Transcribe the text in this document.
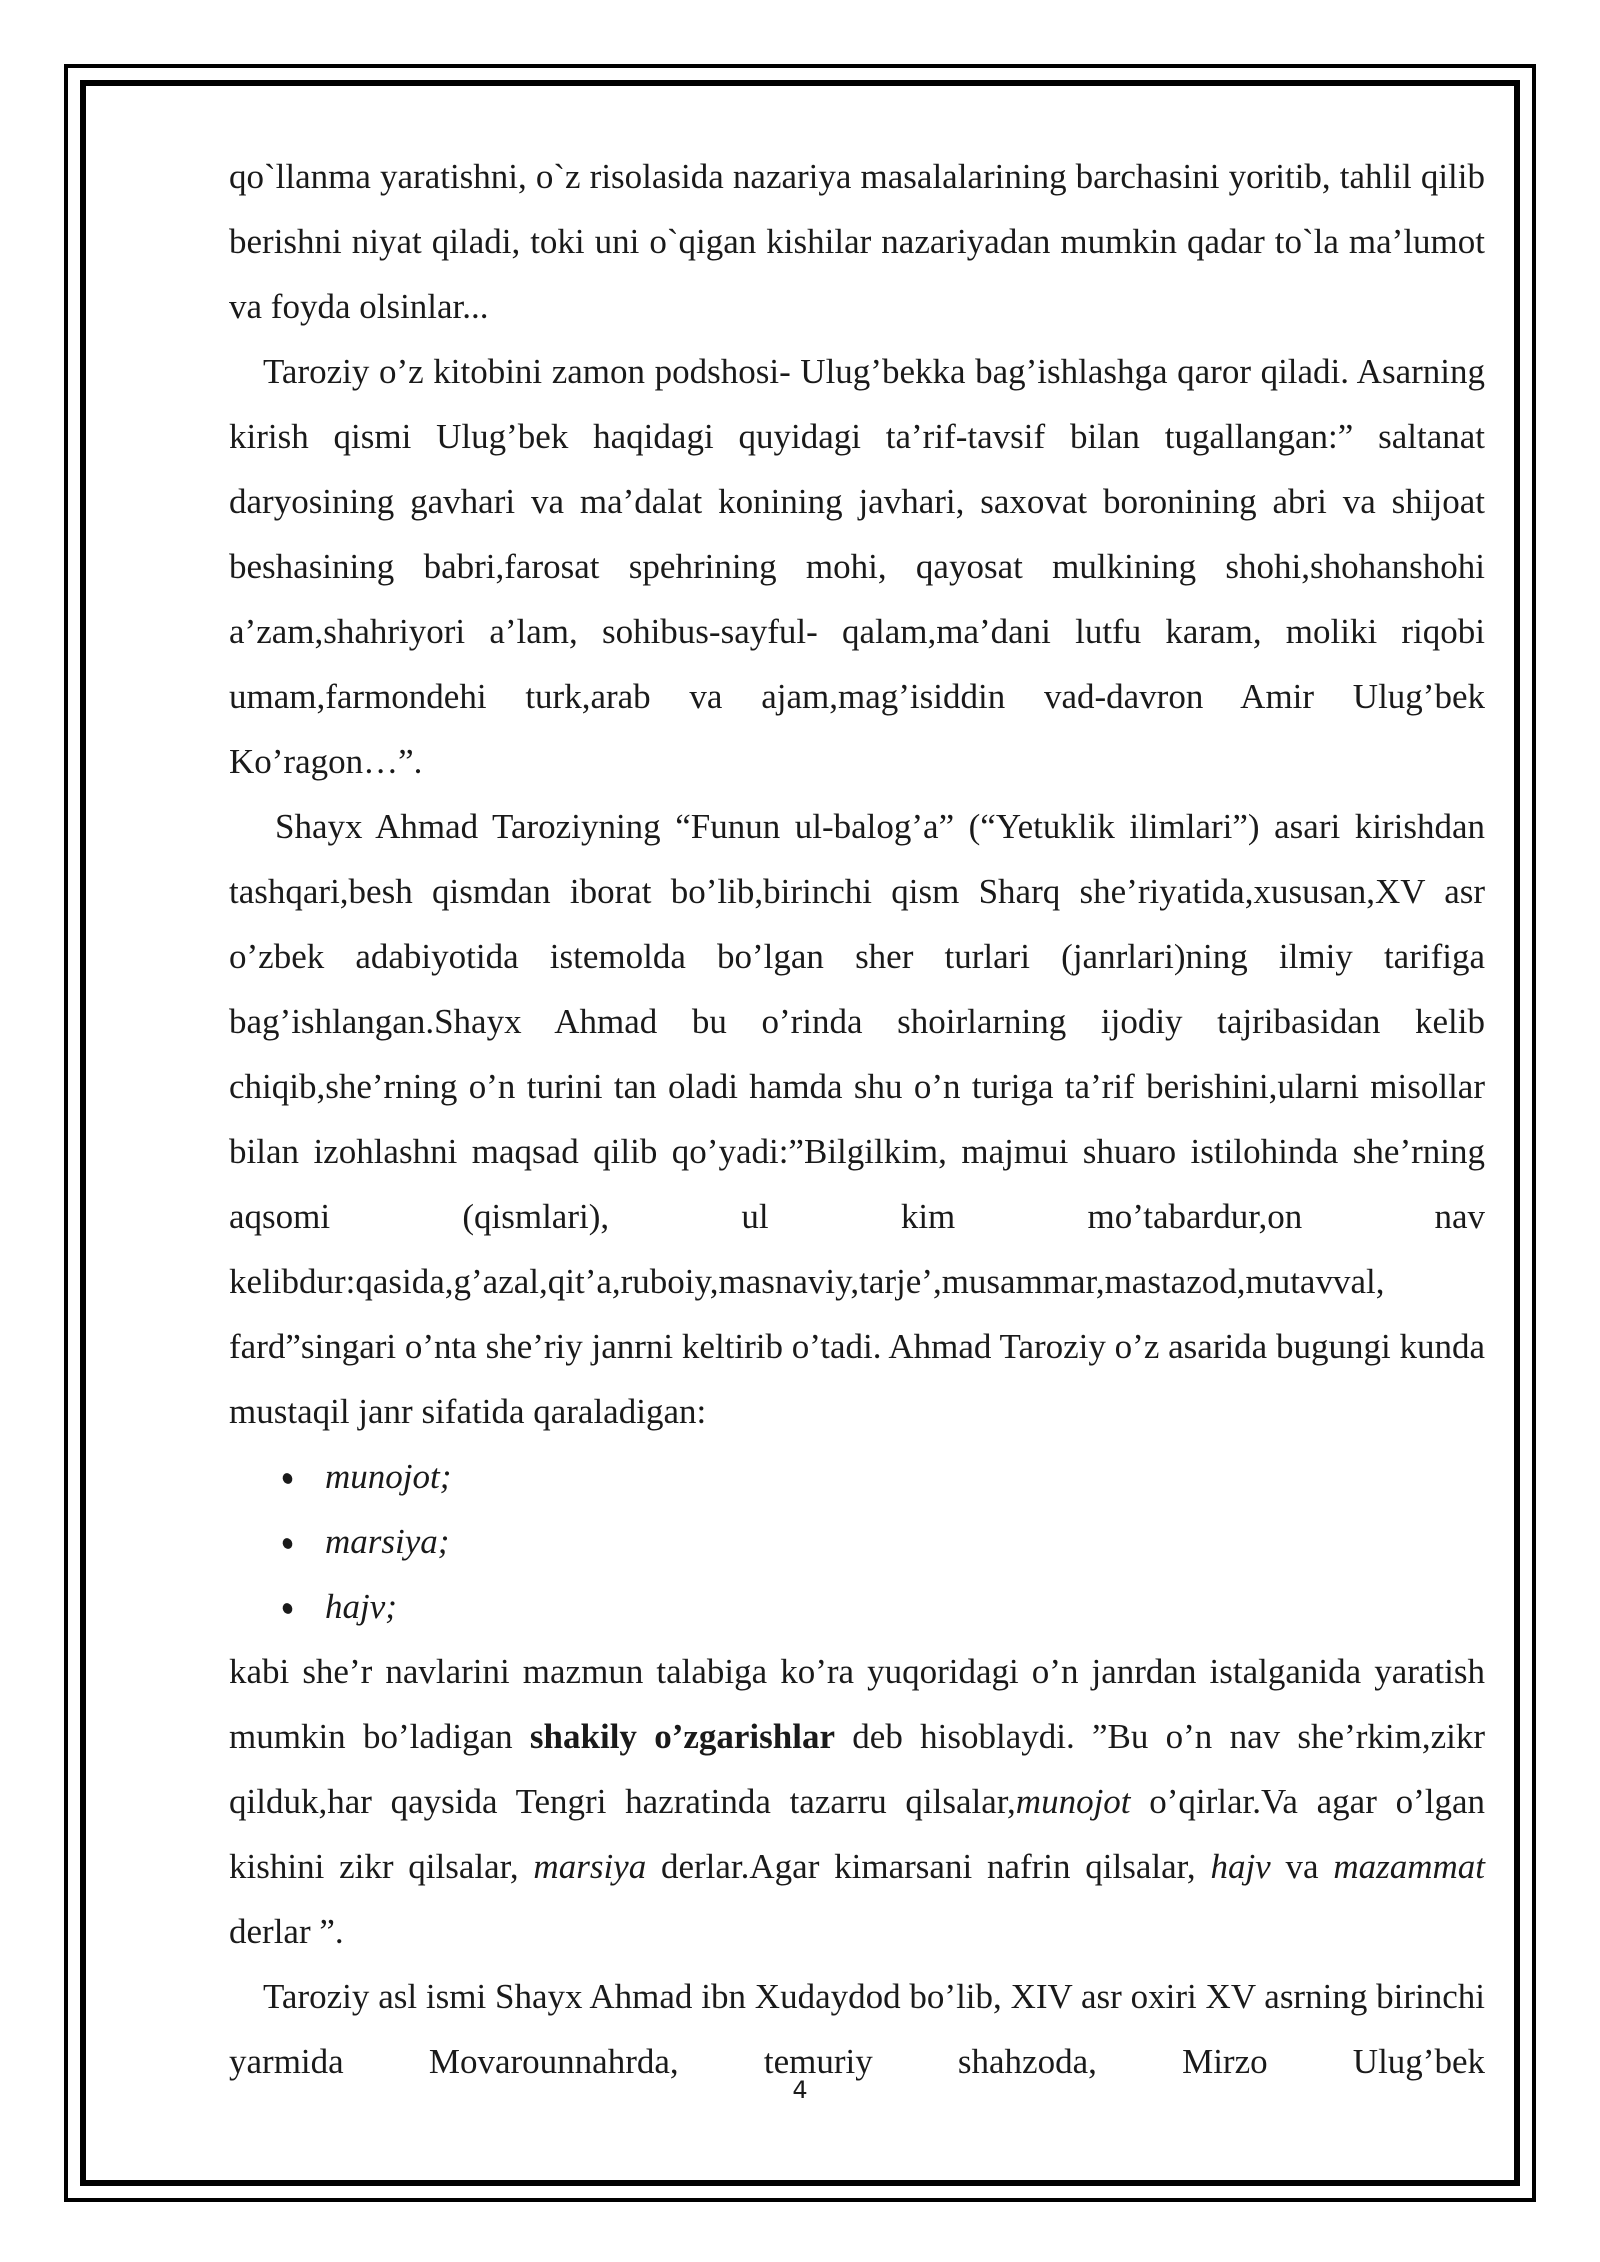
qo`llanma yaratishni, o`z risolasida nazariya masalalarining barchasini yoritib, tahlil qilib berishni niyat qiladi, toki uni o`qigan kishilar nazariyadan mumkin qadar to`la ma’lumot va foyda olsinlar...

Taroziy o’z kitobini zamon podshosi- Ulug’bekka bag’ishlashga qaror qiladi. Asarning kirish qismi Ulug’bek haqidagi quyidagi ta’rif-tavsif bilan tugallangan:” saltanat daryosining gavhari va ma’dalat konining javhari, saxovat boronining abri va shijoat beshasining babri,farosat spehrining mohi, qayosat mulkining shohi,shohanshohi a’zam,shahriyori a’lam, sohibus-sayful- qalam,ma’dani lutfu karam, moliki riqobi umam,farmondehi turk,arab va ajam,mag’isiddin vad-davron Amir Ulug’bek Ko’ragon…”.

Shayx Ahmad Taroziyning “Funun ul-balog’a” (“Yetuklik ilimlari”) asari kirishdan tashqari,besh qismdan iborat bo’lib,birinchi qism Sharq she’riyatida,xususan,XV asr o’zbek adabiyotida istemolda bo’lgan sher turlari (janrlari)ning ilmiy tarifiga bag’ishlangan.Shayx Ahmad bu o’rinda shoirlarning ijodiy tajribasidan kelib chiqib,she’rning o’n turini tan oladi hamda shu o’n turiga ta’rif berishini,ularni misollar bilan izohlashni maqsad qilib qo’yadi:”Bilgilkim, majmui shuaro istilohinda she’rning aqsomi (qismlari), ul kim mo’tabardur,on nav kelibdur:qasida,g’azal,qit’a,ruboiy,masnaviy,tarje’,musammar,mastazod,mutavval, fard”singari o’nta she’riy janrni keltirib o’tadi. Ahmad Taroziy o’z asarida bugungi kunda mustaqil janr sifatida qaraladigan:

munojot;
marsiya;
hajv;

kabi she’r navlarini mazmun talabiga ko’ra yuqoridagi o’n janrdan istalganida yaratish mumkin bo’ladigan shakily o’zgarishlar deb hisoblaydi. ”Bu o’n nav she’rkim,zikr qilduk,har qaysida Tengri hazratinda tazarru qilsalar,munojot o’qirlar.Va agar o’lgan kishini zikr qilsalar, marsiya derlar.Agar kimarsani nafrin qilsalar, hajv va mazammat derlar ”.

Taroziy asl ismi Shayx Ahmad ibn Xudaydod bo’lib, XIV asr oxiri XV asrning birinchi yarmida Movarounnahrda, temuriy shahzoda, Mirzo Ulug’bek

4
